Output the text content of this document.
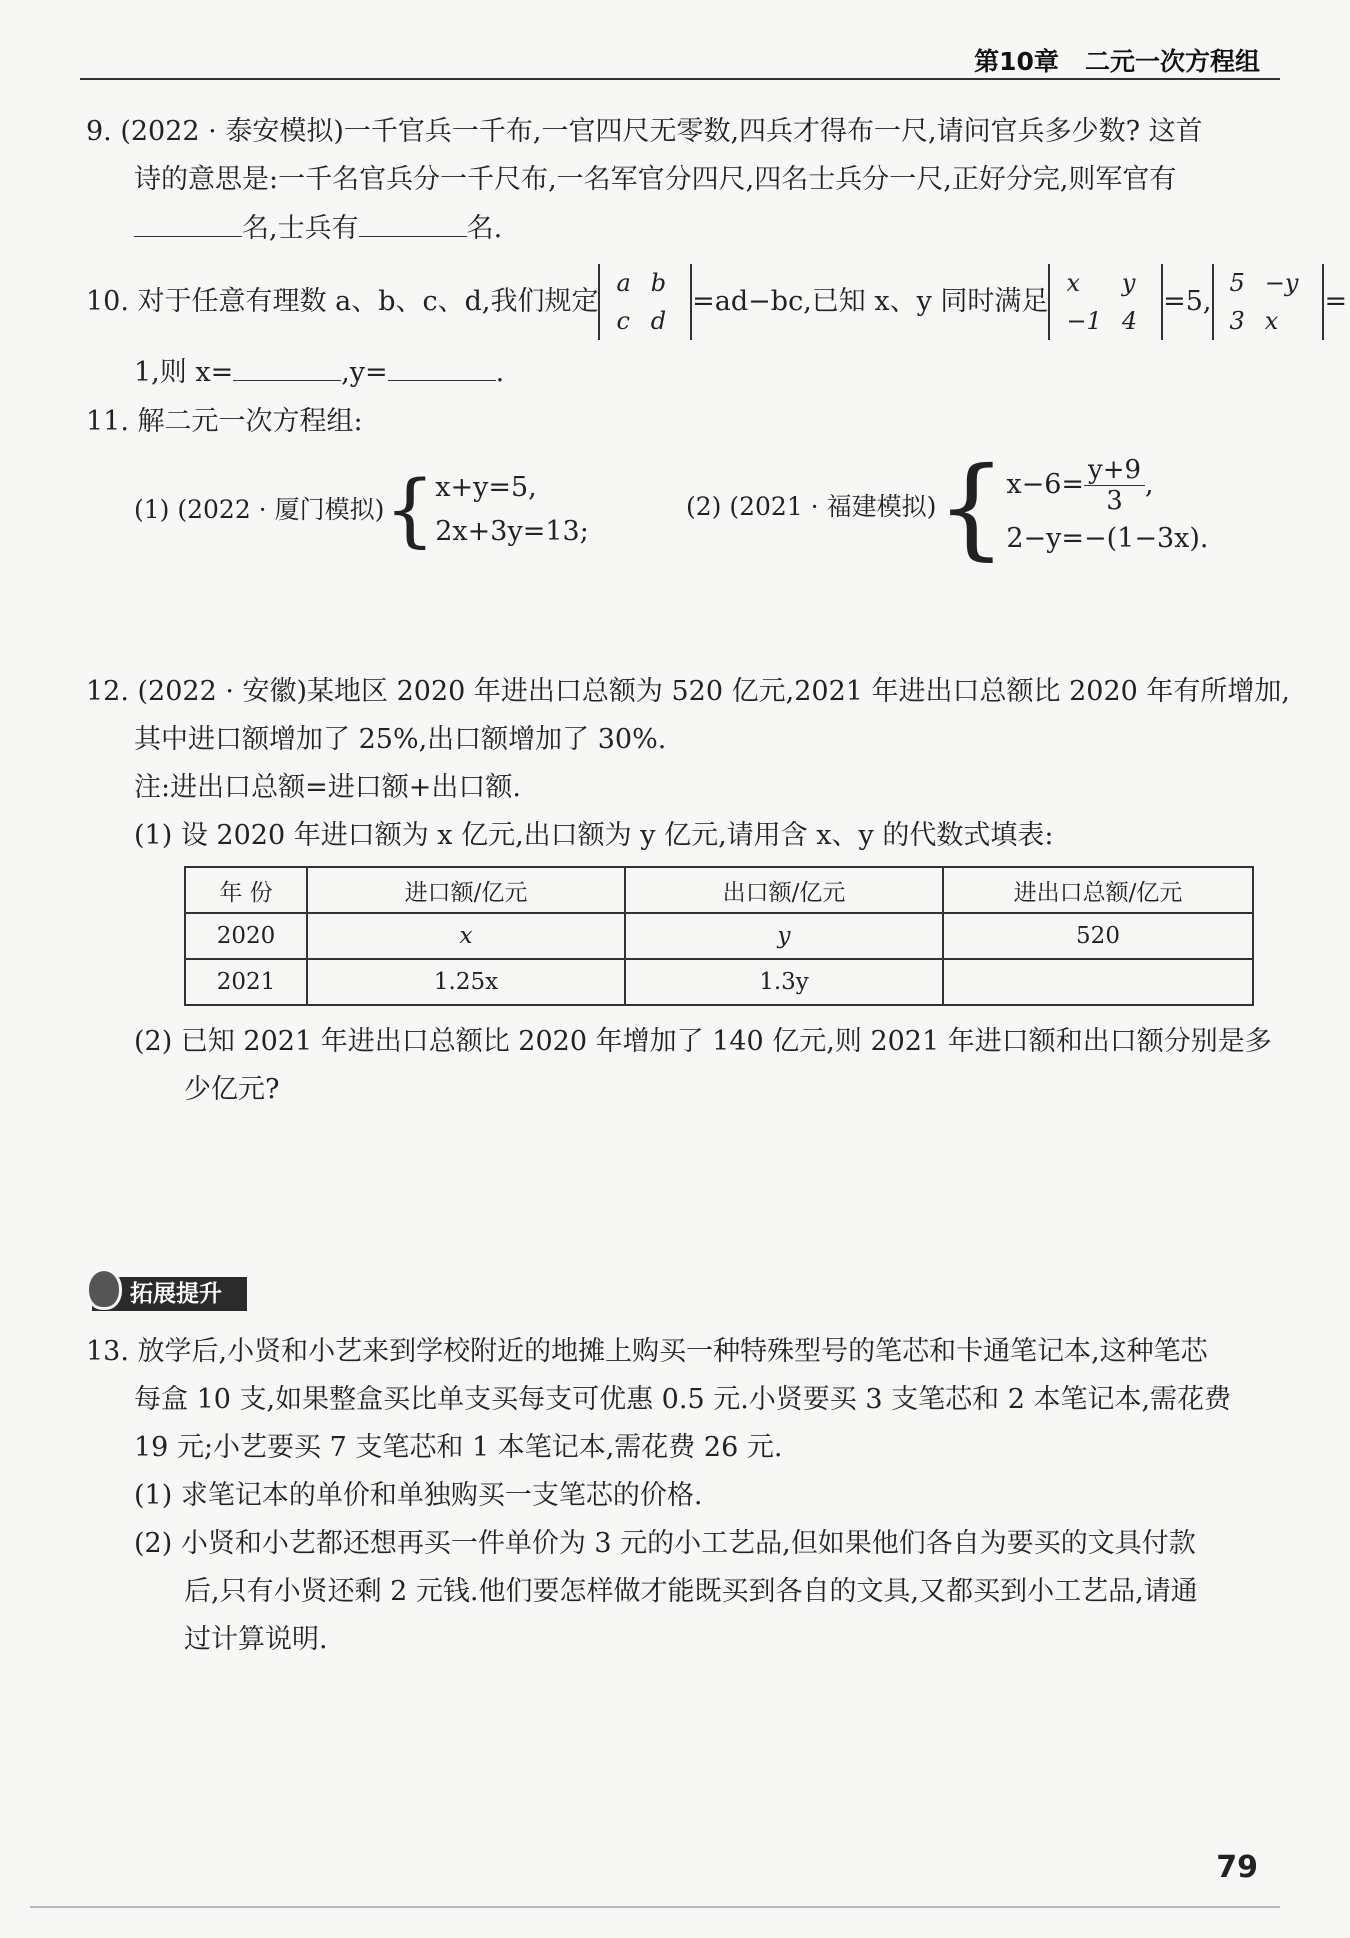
第10章 二元一次方程组
9. (2022 · 泰安模拟)一千官兵一千布,一官四尺无零数,四兵才得布一尺,请问官兵多少数? 这首
诗的意思是:一千名官兵分一千尺布,一名军官分四尺,四名士兵分一尺,正好分完,则军官有
名,士兵有	名.
10. 对于任意有理数 a、b、c、d,我们规定
a	b
c	d
=ad−bc,已知 x、y 同时满足
x	y
−1	4
=5,
5	−y
3	x
=
1,则 x=	,y=	.
11. 解二元一次方程组:
(1) (2022 · 厦门模拟) { x+y=5,
2x+3y=13;
(2) (2021 · 福建模拟) { $x-6= \frac{y+9}{3}$ ,
2−y=−(1−3x).
12. (2022 · 安徽)某地区 2020 年进出口总额为 520 亿元,2021 年进出口总额比 2020 年有所增加,
其中进口额增加了 25%,出口额增加了 30%.
注:进出口总额=进口额+出口额.
(1) 设 2020 年进口额为 x 亿元,出口额为 y 亿元,请用含 x、y 的代数式填表:
年 份	进口额/亿元	出口额/亿元	进出口总额/亿元
2020	x	y	520
2021	1.25x	1.3y	
(2) 已知 2021 年进出口总额比 2020 年增加了 140 亿元,则 2021 年进口额和出口额分别是多
少亿元?
拓展提升
13. 放学后,小贤和小艺来到学校附近的地摊上购买一种特殊型号的笔芯和卡通笔记本,这种笔芯
每盒 10 支,如果整盒买比单支买每支可优惠 0.5 元.小贤要买 3 支笔芯和 2 本笔记本,需花费
19 元;小艺要买 7 支笔芯和 1 本笔记本,需花费 26 元.
(1) 求笔记本的单价和单独购买一支笔芯的价格.
(2) 小贤和小艺都还想再买一件单价为 3 元的小工艺品,但如果他们各自为要买的文具付款
后,只有小贤还剩 2 元钱.他们要怎样做才能既买到各自的文具,又都买到小工艺品,请通
过计算说明.
79
